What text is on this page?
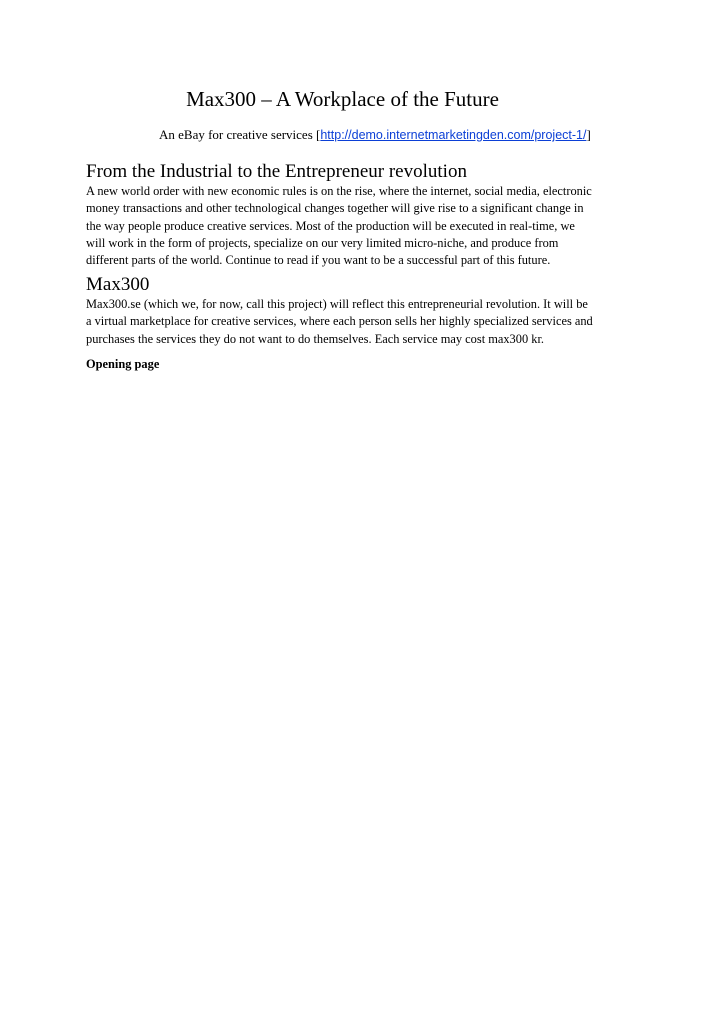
Max300 – A Workplace of the Future
An eBay for creative services [http://demo.internetmarketingden.com/project-1/]
From the Industrial to the Entrepreneur revolution

A new world order with new economic rules is on the rise, where the internet, social media, electronic
money transactions and other technological changes together will give rise to a significant change in
the way people produce creative services. Most of the production will be executed in real-time, we
will work in the form of projects, specialize on our very limited micro-niche, and produce from
different parts of the world. Continue to read if you want to be a successful part of this future.

Max300

Max300.se (which we, for now, call this project) will reflect this entrepreneurial revolution. It will be
a virtual marketplace for creative services, where each person sells her highly specialized services and
purchases the services they do not want to do themselves. Each service may cost max300 kr.

Opening page
